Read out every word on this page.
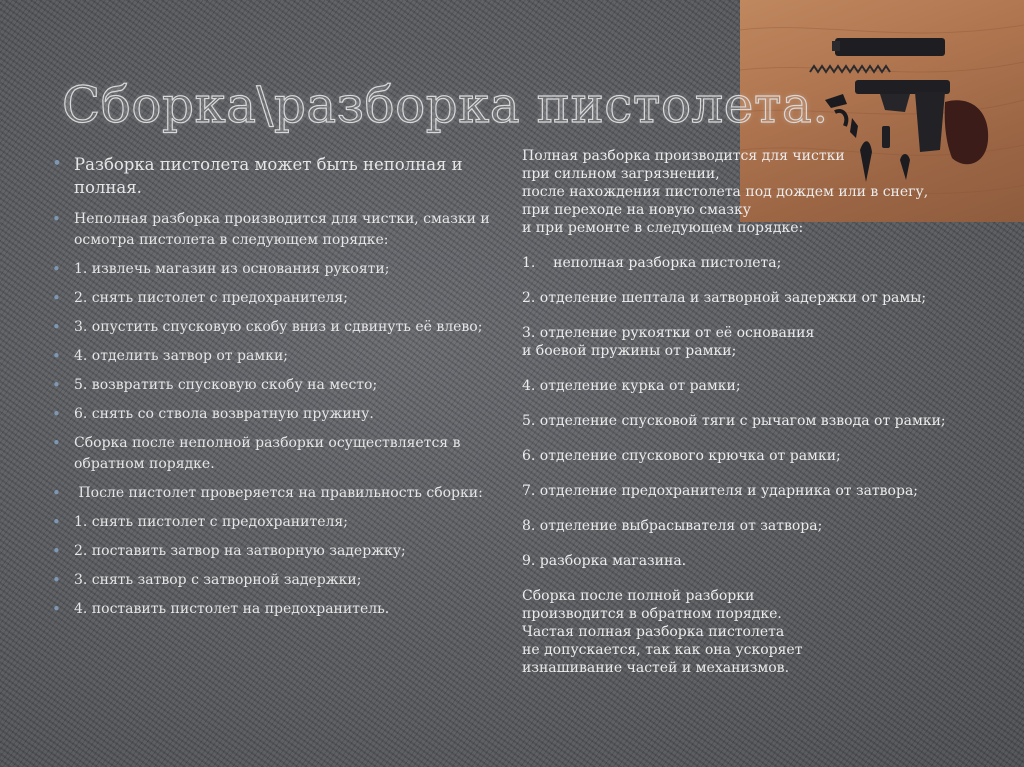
Сборка\разборка пистолета.
• Разборка пистолета может быть неполная и полная.
• Неполная разборка производится для чистки, смазки и осмотра пистолета в следующем порядке:
• 1. извлечь магазин из основания рукояти;
• 2. снять пистолет с предохранителя;
• 3. опустить спусковую скобу вниз и сдвинуть её влево;
• 4. отделить затвор от рамки;
• 5. возвратить спусковую скобу на место;
• 6. снять со ствола возвратную пружину.
• Сборка после неполной разборки осуществляется в обратном порядке.
•  После пистолет проверяется на правильность сборки:
• 1. снять пистолет с предохранителя;
• 2. поставить затвор на затворную задержку;
• 3. снять затвор с затворной задержки;
• 4. поставить пистолет на предохранитель.

Полная разборка производится для чистки
при сильном загрязнении,
после нахождения пистолета под дождем или в снегу,
при переходе на новую смазку
и при ремонте в следующем порядке:

1.    неполная разборка пистолета;

2. отделение шептала и затворной задержки от рамы;

3. отделение рукоятки от её основания
и боевой пружины от рамки;

4. отделение курка от рамки;

5. отделение спусковой тяги с рычагом взвода от рамки;

6. отделение спускового крючка от рамки;

7. отделение предохранителя и ударника от затвора;

8. отделение выбрасывателя от затвора;

9. разборка магазина.

Сборка после полной разборки
производится в обратном порядке.
Частая полная разборка пистолета
не допускается, так как она ускоряет
изнашивание частей и механизмов.
